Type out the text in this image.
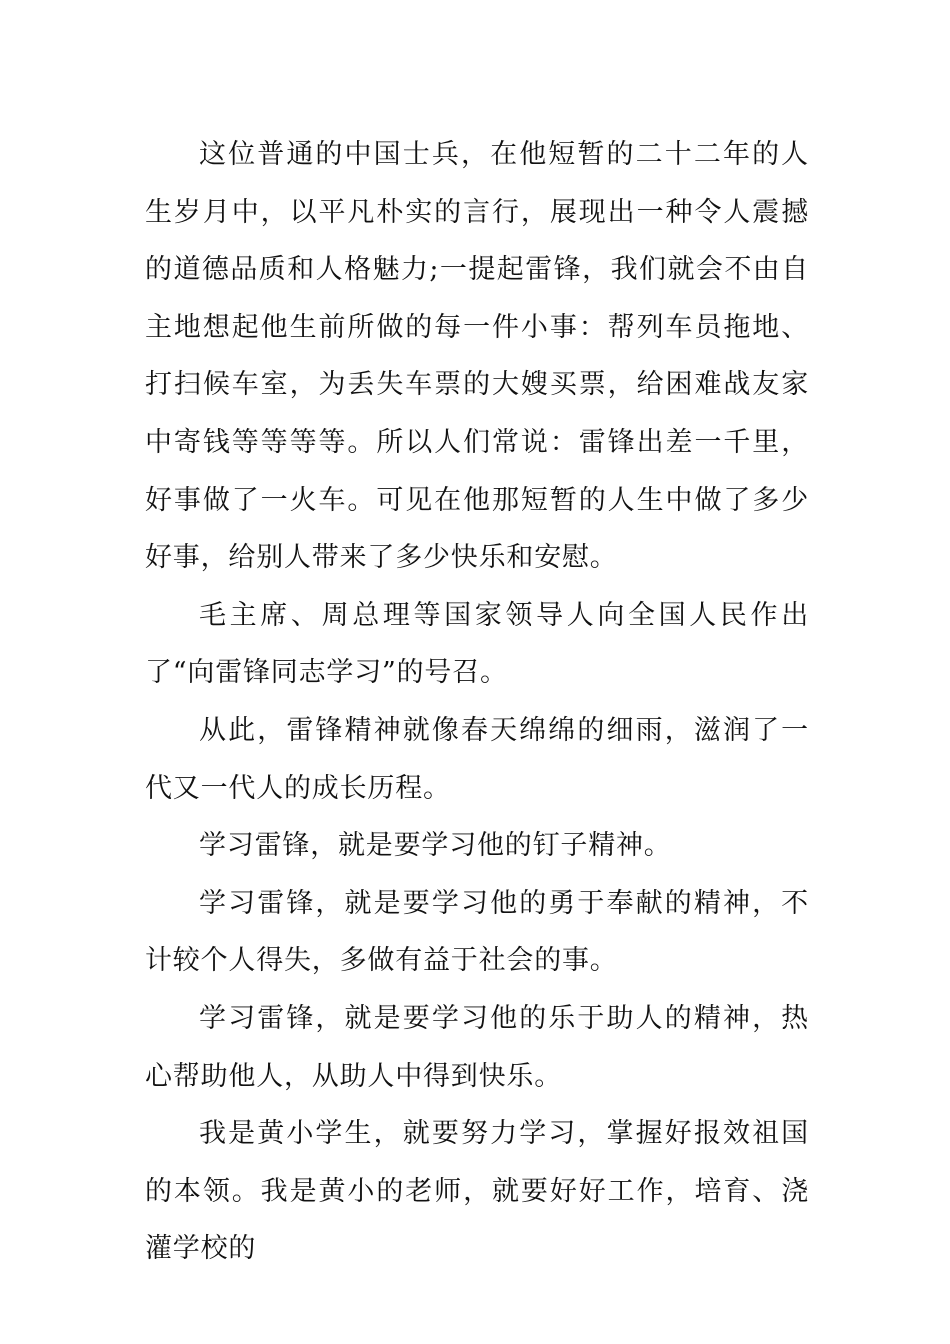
这位普通的中国士兵，在他短暂的二十二年的人生岁月中，以平凡朴实的言行，展现出一种令人震撼的道德品质和人格魅力;一提起雷锋，我们就会不由自主地想起他生前所做的每一件小事：帮列车员拖地、打扫候车室，为丢失车票的大嫂买票，给困难战友家中寄钱等等等等。所以人们常说：雷锋出差一千里，好事做了一火车。可见在他那短暂的人生中做了多少好事，给别人带来了多少快乐和安慰。

毛主席、周总理等国家领导人向全国人民作出了“向雷锋同志学习”的号召。

从此，雷锋精神就像春天绵绵的细雨，滋润了一代又一代人的成长历程。

学习雷锋，就是要学习他的钉子精神。

学习雷锋，就是要学习他的勇于奉献的精神，不计较个人得失，多做有益于社会的事。

学习雷锋，就是要学习他的乐于助人的精神，热心帮助他人，从助人中得到快乐。

我是黄小学生，就要努力学习，掌握好报效祖国的本领。我是黄小的老师，就要好好工作，培育、浇灌学校的
